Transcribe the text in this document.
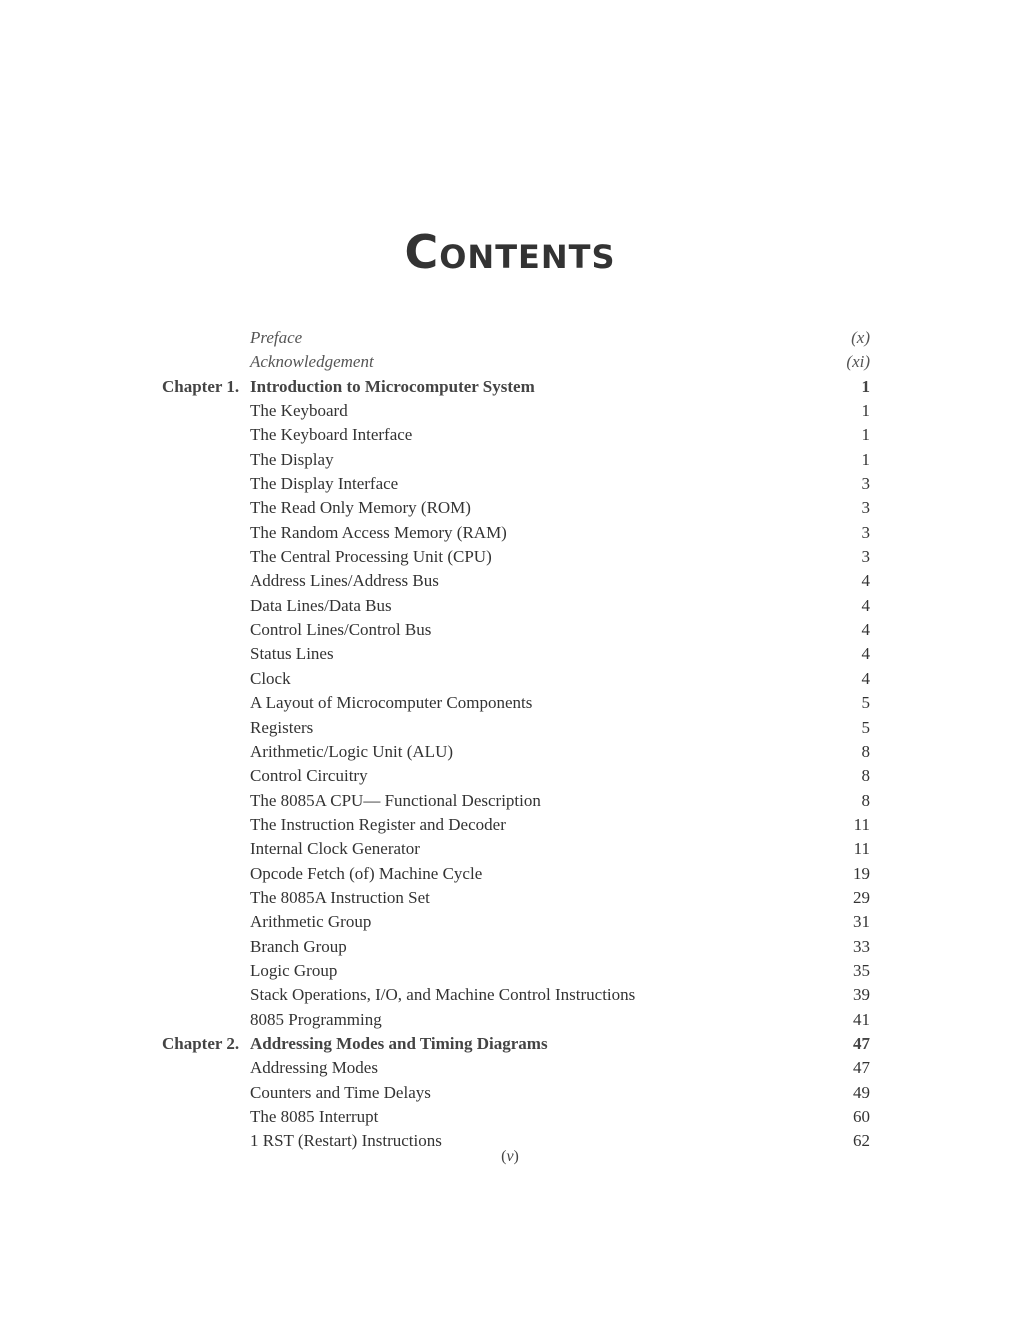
Contents
Preface	(x)
Acknowledgement	(xi)
Chapter 1. Introduction to Microcomputer System	1
The Keyboard	1
The Keyboard Interface	1
The Display	1
The Display Interface	3
The Read Only Memory (ROM)	3
The Random Access Memory (RAM)	3
The Central Processing Unit (CPU)	3
Address Lines/Address Bus	4
Data Lines/Data Bus	4
Control Lines/Control Bus	4
Status Lines	4
Clock	4
A Layout of Microcomputer Components	5
Registers	5
Arithmetic/Logic Unit (ALU)	8
Control Circuitry	8
The 8085A CPU— Functional Description	8
The Instruction Register and Decoder	11
Internal Clock Generator	11
Opcode Fetch (of) Machine Cycle	19
The 8085A Instruction Set	29
Arithmetic Group	31
Branch Group	33
Logic Group	35
Stack Operations, I/O, and Machine Control Instructions	39
8085 Programming	41
Chapter 2. Addressing Modes and Timing Diagrams	47
Addressing Modes	47
Counters and Time Delays	49
The 8085 Interrupt	60
1 RST (Restart) Instructions	62
(v)
